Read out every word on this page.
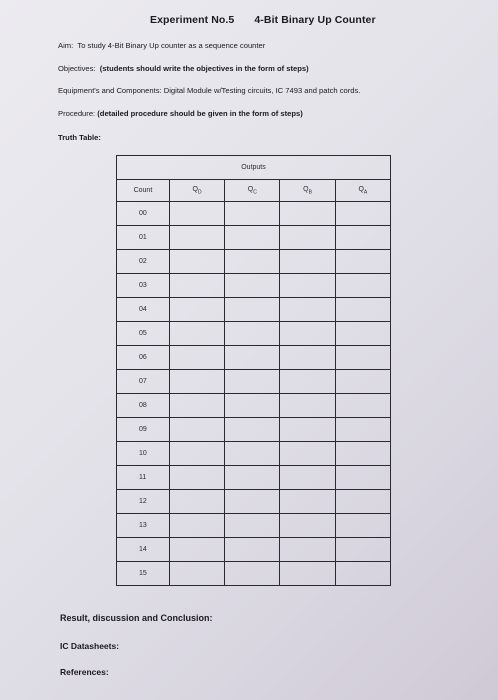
Experiment No.5 4-Bit Binary Up Counter
Aim: To study 4-Bit Binary Up counter as a sequence counter
Objectives: (students should write the objectives in the form of steps)
Equipment's and Components: Digital Module w/Testing circuits, IC 7493 and patch cords.
Procedure: (detailed procedure should be given in the form of steps)
Truth Table:
Outputs				
Count	$Q_D$	$Q_C$	$Q_B$	$Q_A$
00				
01				
02				
03				
04				
05				
06				
07				
08				
09				
10				
11				
12				
13				
14				
15				
Result, discussion and Conclusion:
IC Datasheets:
References:
